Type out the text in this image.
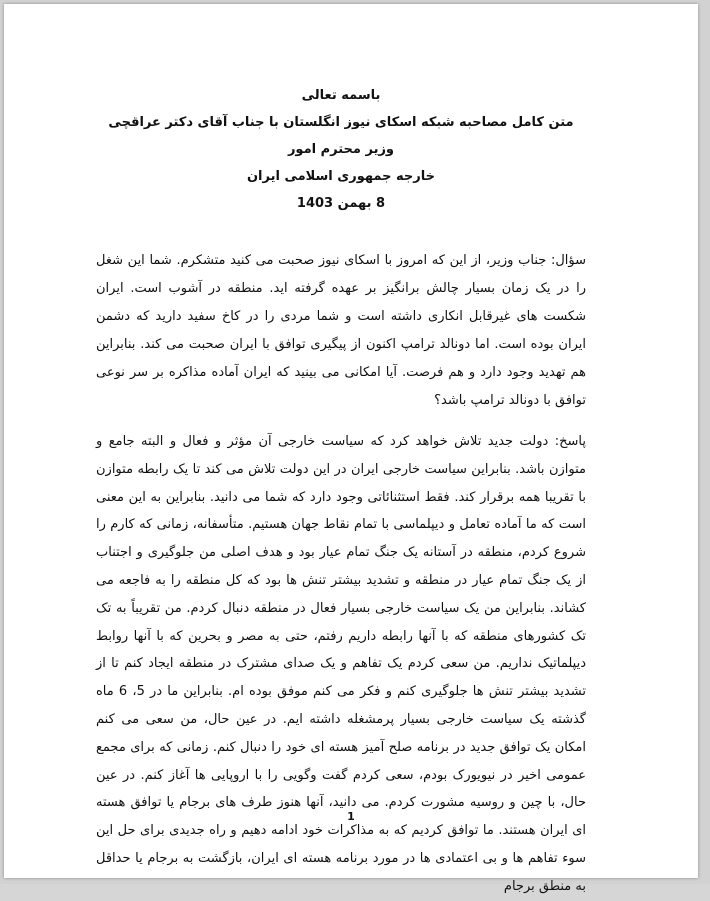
باسمه تعالی
متن کامل مصاحبه شبکه اسکای نیوز انگلستان با جناب آقای دکتر عراقچی وزیر محترم امور
خارجه جمهوری اسلامی ایران
8 بهمن 1403

سؤال: جناب وزیر، از این که امروز با اسکای نیوز صحبت می کنید متشکرم. شما این شغل را در یک زمان بسیار چالش برانگیز بر عهده گرفته اید. منطقه در آشوب است. ایران شکست های غیرقابل انکاری داشته است و شما مردی را در کاخ سفید دارید که دشمن ایران بوده است. اما دونالد ترامپ اکنون از پیگیری توافق با ایران صحبت می کند. بنابراین هم تهدید وجود دارد و هم فرصت. آیا امکانی می بینید که ایران آماده مذاکره بر سر نوعی توافق با دونالد ترامپ باشد؟

پاسخ: دولت جدید تلاش خواهد کرد که سیاست خارجی آن مؤثر و فعال و البته جامع و متوازن باشد. بنابراین سیاست خارجی ایران در این دولت تلاش می کند تا یک رابطه متوازن با تقریبا همه برقرار کند. فقط استثنائاتی وجود دارد که شما می دانید. بنابراین به این معنی است که ما آماده تعامل و دیپلماسی با تمام نقاط جهان هستیم. متأسفانه، زمانی که کارم را شروع کردم، منطقه در آستانه یک جنگ تمام عیار بود و هدف اصلی من جلوگیری و اجتناب از یک جنگ تمام عیار در منطقه و تشدید بیشتر تنش ها بود که کل منطقه را به فاجعه می کشاند. بنابراین من یک سیاست خارجی بسیار فعال در منطقه دنبال کردم. من تقریباً به تک تک کشورهای منطقه که با آنها رابطه داریم رفتم، حتی به مصر و بحرین که با آنها روابط دیپلماتیک نداریم. من سعی کردم یک تفاهم و یک صدای مشترک در منطقه ایجاد کنم تا از تشدید بیشتر تنش ها جلوگیری کنم و فکر می کنم موفق بوده ام. بنابراین ما در 5، 6 ماه گذشته یک سیاست خارجی بسیار پرمشغله داشته ایم. در عین حال، من سعی می کنم امکان یک توافق جدید در برنامه صلح آمیز هسته ای خود را دنبال کنم. زمانی که برای مجمع عمومی اخیر در نیویورک بودم، سعی کردم گفت وگویی را با اروپایی ها آغاز کنم. در عین حال، با چین و روسیه مشورت کردم. می دانید، آنها هنوز طرف های برجام یا توافق هسته ای ایران هستند. ما توافق کردیم که به مذاکرات خود ادامه دهیم و راه جدیدی برای حل این سوء تفاهم ها و بی اعتمادی ها در مورد برنامه هسته ای ایران، بازگشت به برجام یا حداقل به منطق برجام

1
